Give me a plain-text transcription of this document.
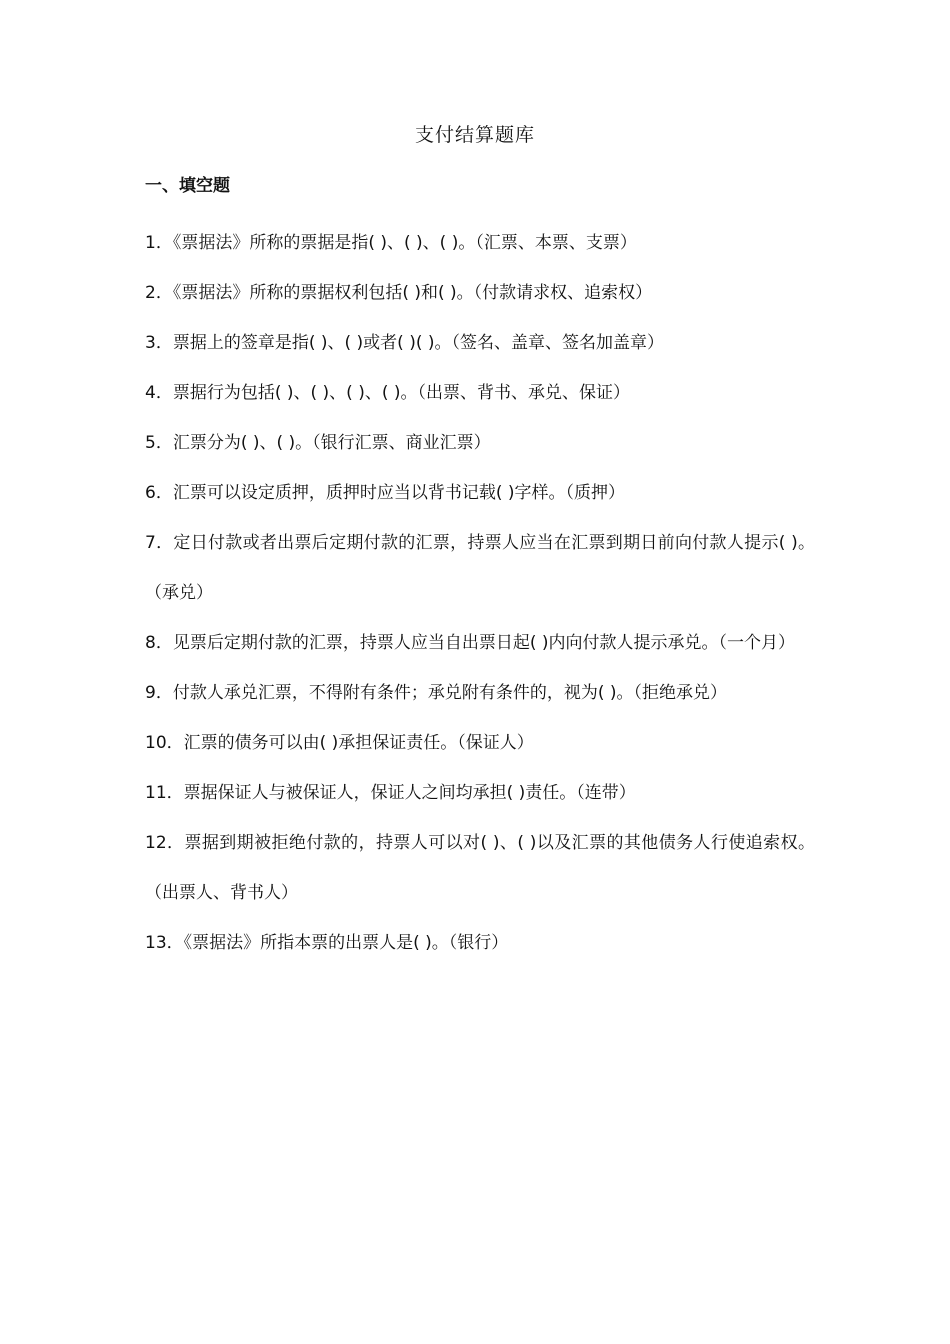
支付结算题库
一、填空题

1．《票据法》所称的票据是指( )、( )、( )。（汇票、本票、支票）

2．《票据法》所称的票据权利包括( )和( )。（付款请求权、追索权）

3．票据上的签章是指( )、( )或者( )( )。（签名、盖章、签名加盖章）

4．票据行为包括( )、( )、( )、( )。（出票、背书、承兑、保证）

5．汇票分为( )、( )。（银行汇票、商业汇票）

6．汇票可以设定质押，质押时应当以背书记载( )字样。（质押）

7．定日付款或者出票后定期付款的汇票，持票人应当在汇票到期日前向付款人提示( )。（承兑）

8．见票后定期付款的汇票，持票人应当自出票日起( )内向付款人提示承兑。（一个月）

9．付款人承兑汇票，不得附有条件；承兑附有条件的，视为( )。（拒绝承兑）

10．汇票的债务可以由( )承担保证责任。（保证人）

11．票据保证人与被保证人，保证人之间均承担( )责任。（连带）

12．票据到期被拒绝付款的，持票人可以对( )、( )以及汇票的其他债务人行使追索权。（出票人、背书人）

13．《票据法》所指本票的出票人是( )。（银行）
